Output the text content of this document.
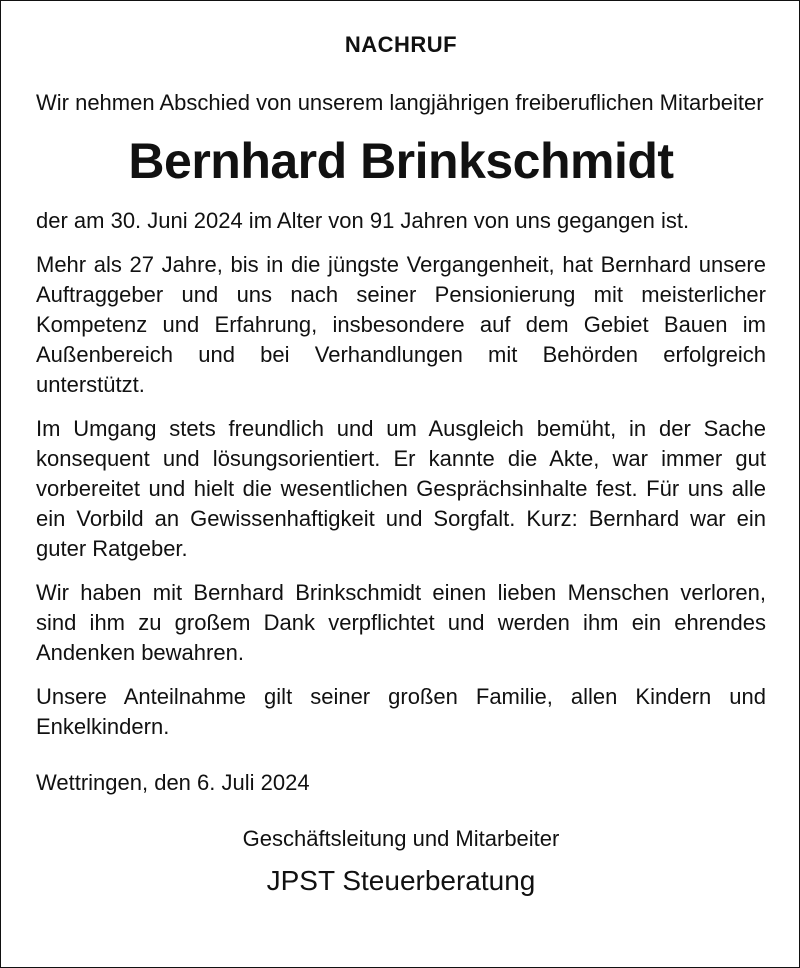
NACHRUF

Wir nehmen Abschied von unserem langjährigen freiberuflichen Mitarbeiter

Bernhard Brinkschmidt

der am 30. Juni 2024 im Alter von 91 Jahren von uns gegangen ist.

Mehr als 27 Jahre, bis in die jüngste Vergangenheit, hat Bernhard unsere Auftraggeber und uns nach seiner Pensionierung mit meisterlicher Kompetenz und Erfahrung, insbesondere auf dem Gebiet Bauen im Außenbereich und bei Verhandlungen mit Behörden erfolgreich unterstützt.

Im Umgang stets freundlich und um Ausgleich bemüht, in der Sache konsequent und lösungsorientiert. Er kannte die Akte, war immer gut vorbereitet und hielt die wesentlichen Gesprächsinhalte fest. Für uns alle ein Vorbild an Gewissenhaftigkeit und Sorgfalt. Kurz: Bernhard war ein guter Ratgeber.

Wir haben mit Bernhard Brinkschmidt einen lieben Menschen verloren, sind ihm zu großem Dank verpflichtet und werden ihm ein ehrendes Andenken bewahren.

Unsere Anteilnahme gilt seiner großen Familie, allen Kindern und Enkelkindern.

Wettringen, den 6. Juli 2024

Geschäftsleitung und Mitarbeiter

JPST Steuerberatung
